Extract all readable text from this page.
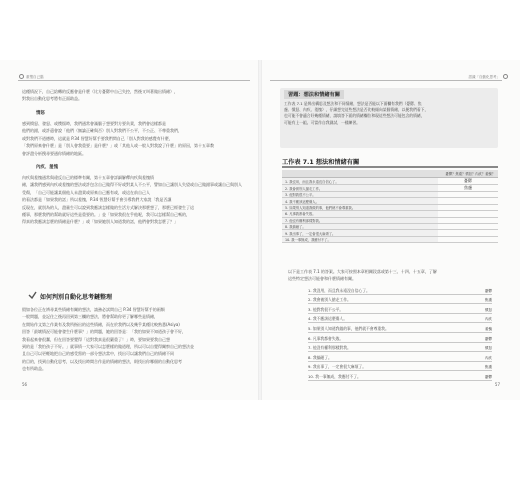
重塑自己腦
這種情況下，自己給轉的反應會是什麼（比方憂鬱中自己失控，然後又叫著做出情緒），
對我出自動化思考將有正面助益。
情怒
感到憤怒、發怒、或懊惱時，我們通常會滿腦子想要對方要負責，我們會這樣都是
他們的錯，或許還會說「他們（無論正確與否）別人對我們不公平，不公正、不尊重我們，
或對我們不道德時，這就是 P.34 智慧好幫手要我們問自己「別人對我的感覺有什麼，
「我們原來會什麼」是「別人會我重要」是什麼？」或「其他人或一般人對我說了什麼」的原因，第十五章教
會評盡分析搜尋要通你情緒的地區。
內疚、羞愧
內疚與羞愧通常與違反自己的標準有關，第十五章會詳細解釋內疚與羞愧情
緒，讓我們感到內疚或羞愧的想法或許包含自己做得不好或對某人不公平，譬如自己讓別人失望或自己做錯事或讓自己與別人
受傷，「自己可能讓某個他人未盡責或原來自己應有或，或這在前自己人
的看法都是「如果我的話」所以羞愧，P.34 智慧好幫手會引導我們大家說「我是否讓
反現在，就別為的人，盡量生可以說到我應該怎樣做的生活方式解決那麼想了，那麼已經發生了這
種事，那麼我們的幫助就好這些是重要的。」並「如果我很在乎他呢，我可以怎樣幫自己嗎的，
得真的我應該怎麼的情緒是什麼？」或「如果她別人知道我的話，他們會對我怎麼了？」
如何判別自動化思考鏈整理
假如各位正在辨尋某些情緒有關的想法，請務必試問自己 P.34 智慧好幫手的兩類
一般問題，並記住之後再回到第三欄的想法，將會幫助你更了解哪些是情緒，
在開始作文第之作業有及我所指出的這些情緒，而在於我們以及幾乎某種比較熟悉(Asiya)
回答「最壞情況可能會發生什麼事？」的問題，她的回答是：「我怕如果不知道孩子會不好，
我看起來會很蠢，但在回答要覺得「這對我真是很嚴重了！」時，要如果要我自己想
到的是「我怕孩子不好。」就事情一大家可以怎麼樣的做道理，所以可以自覺得關察自己的想法並
且自己可以更輕地把自己的感受寫的一部分想法當中，找出可以讓我們自己的情緒不同
的目的，找到自動化思考，以及找出時間合作是的情緒的想法，則找出你哪個的自動化思考
也有所助益。
56
認識「自動化思考」
習題：想法和情緒有關
工作表 7.1 是辨出構思及想法和不同情緒，想法是否能以下面欄有我們（憂鬱、焦
慮、憤怒、內疚、羞愧），仔細想完這些想法是否比較傾向某個情緒，以便我們看下，
也可能不會適合好幾種情緒，請填答下面的情緒欄位和現這些想法可能包含的情緒，
可能有上一組。可當作自我測試，一樣練習。
工作表 7.1 想法和情緒有關
憂鬱？焦慮？憤怒？內疚？羞愧？	
1. 我沒用，而且我永遠沒自信心了。	憂鬱
2. 我會被別人搶走工作。	焦慮
3. 他對我很不公平。	
4. 我不應該這麼傷人。	
5. 如果別人知道我做的事，他們就不會尊重我。	
6. 凡事我都會失敗。	
7. 他沒有權利那樣對我。	
8. 我搞砸了。	
9. 我出事了，一定會很大麻煩了。	
10. 我一事無成，我應付不了。	
以下是工作表 7.1 的答案。大家可按照本章相關段落或第十三、十四、十五章，了解
這些特定想法可能會和什麼情緒有關。
1. 我沒用，而且我永遠沒自信心了。	憂鬱
2. 我會被別人搶走工作。	焦慮
3. 他對我很不公平。	憤怒
4. 我不應該這麼傷人。	內疚
5. 如果別人知道我做的事，他們就不會尊重我。	羞愧
6. 凡事我都會失敗。	憂鬱
7. 他沒有權利那樣對我。	憤怒
8. 我搞砸了。	內疚
9. 我出事了，一定會很大麻煩了。	焦慮
10. 我一事無成，我應付不了。	憂鬱
57
